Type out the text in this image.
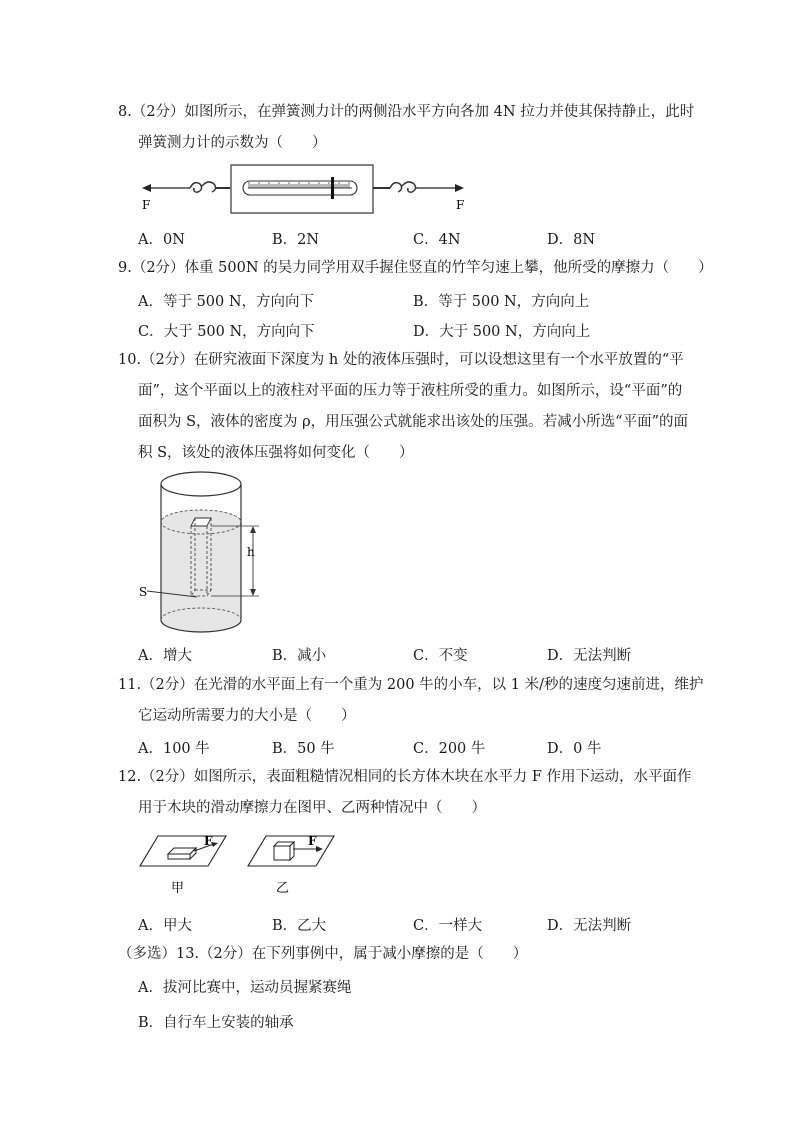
8.（2分）如图所示，在弹簧测力计的两侧沿水平方向各加 4N 拉力并使其保持静止，此时
弹簧测力计的示数为（　　）
F	F
A．0N	B．2N	C．4N	D．8N
9.（2分）体重 500N 的吴力同学用双手握住竖直的竹竿匀速上攀，他所受的摩擦力（　　）
A．等于 500 N，方向向下	B．等于 500 N，方向向上
C．大于 500 N，方向向下	D．大于 500 N，方向向上
10.（2分）在研究液面下深度为 h 处的液体压强时，可以设想这里有一个水平放置的“平
面”，这个平面以上的液柱对平面的压力等于液柱所受的重力。如图所示，设“平面”的
面积为 S，液体的密度为 ρ，用压强公式就能求出该处的压强。若减小所选“平面”的面
积 S，该处的液体压强将如何变化（　　）
h
S
A．增大	B．减小	C．不变	D．无法判断
11.（2分）在光滑的水平面上有一个重为 200 牛的小车，以 1 米/秒的速度匀速前进，维护
它运动所需要力的大小是（　　）
A．100 牛	B．50 牛	C．200 牛	D．0 牛
12.（2分）如图所示，表面粗糙情况相同的长方体木块在水平力 F 作用下运动，水平面作
用于木块的滑动摩擦力在图甲、乙两种情况中（　　）
F
甲
F
乙
A．甲大	B．乙大	C．一样大	D．无法判断
（多选）13.（2分）在下列事例中，属于减小摩擦的是（　　）
A．拔河比赛中，运动员握紧赛绳
B．自行车上安装的轴承
